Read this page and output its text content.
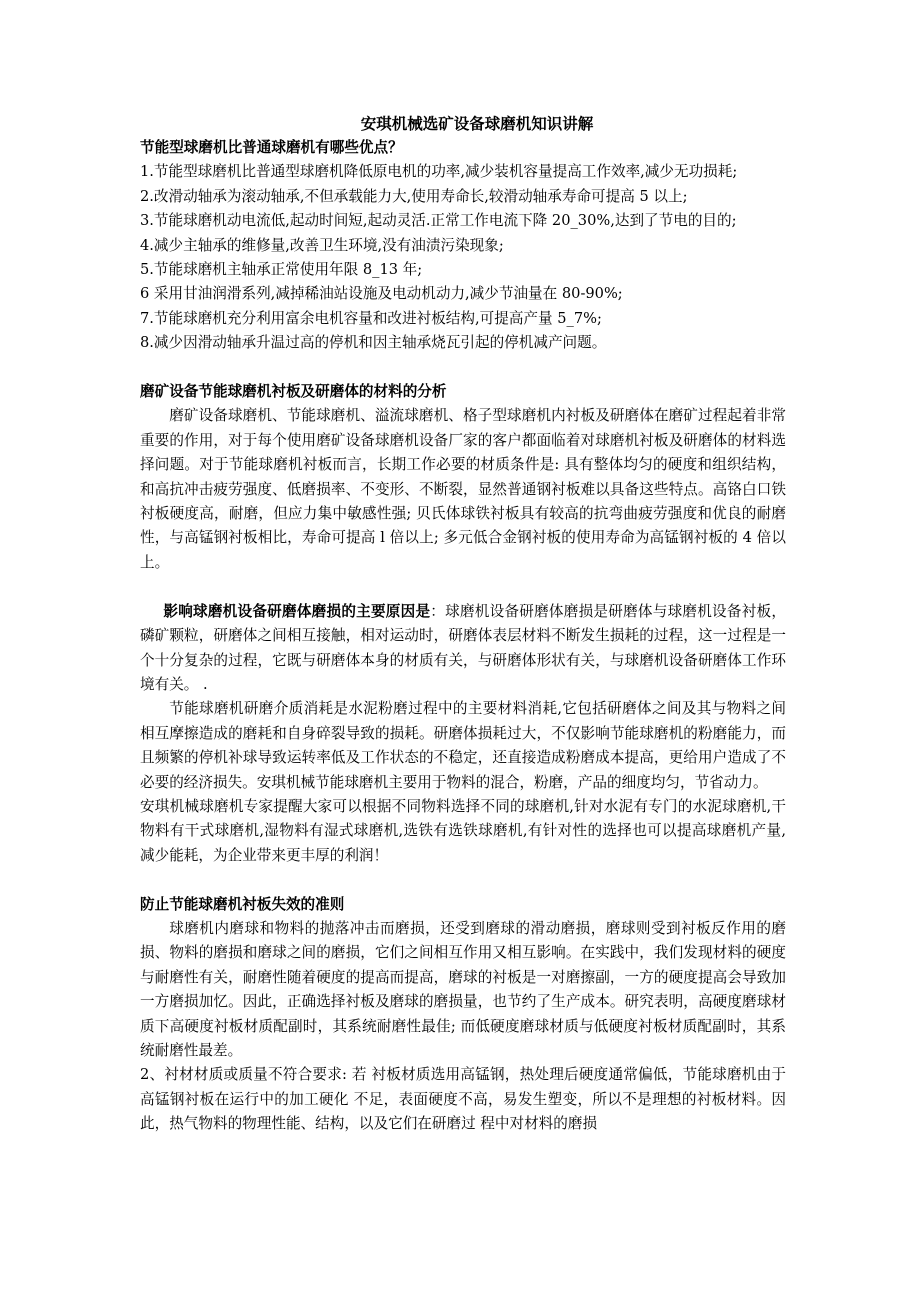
安琪机械选矿设备球磨机知识讲解

节能型球磨机比普通球磨机有哪些优点？

1.节能型球磨机比普通型球磨机降低原电机的功率,减少装机容量提高工作效率,减少无功损耗;

2.改滑动轴承为滚动轴承,不但承载能力大,使用寿命长,较滑动轴承寿命可提高 5 以上;

3.节能球磨机动电流低,起动时间短,起动灵活.正常工作电流下降 20_30%,达到了节电的目的;

4.减少主轴承的维修量,改善卫生环境,没有油渍污染现象;

5.节能球磨机主轴承正常使用年限 8_13 年;

6 采用甘油润滑系列,减掉稀油站设施及电动机动力,减少节油量在 80-90%;

7.节能球磨机充分利用富余电机容量和改进衬板结构,可提高产量 5_7%;

8.减少因滑动轴承升温过高的停机和因主轴承烧瓦引起的停机减产问题。

磨矿设备节能球磨机衬板及研磨体的材料的分析

磨矿设备球磨机、节能球磨机、溢流球磨机、格子型球磨机内衬板及研磨体在磨矿过程起着非常重要的作用，对于每个使用磨矿设备球磨机设备厂家的客户都面临着对球磨机衬板及研磨体的材料选择问题。对于节能球磨机衬板而言，长期工作必要的材质条件是: 具有整体均匀的硬度和组织结构，和高抗冲击疲劳强度、低磨损率、不变形、不断裂，显然普通钢衬板难以具备这些特点。高铬白口铁衬板硬度高，耐磨，但应力集中敏感性强; 贝氏体球铁衬板具有较高的抗弯曲疲劳强度和优良的耐磨性，与高锰钢衬板相比，寿命可提高 l 倍以上; 多元低合金钢衬板的使用寿命为高锰钢衬板的 4 倍以上。

影响球磨机设备研磨体磨损的主要原因是：球磨机设备研磨体磨损是研磨体与球磨机设备衬板，磷矿颗粒，研磨体之间相互接触，相对运动时，研磨体表层材料不断发生损耗的过程，这一过程是一个十分复杂的过程，它既与研磨体本身的材质有关，与研磨体形状有关，与球磨机设备研磨体工作环境有关。 .

节能球磨机研磨介质消耗是水泥粉磨过程中的主要材料消耗,它包括研磨体之间及其与物料之间相互摩擦造成的磨耗和自身碎裂导致的损耗。研磨体损耗过大，不仅影响节能球磨机的粉磨能力，而且频繁的停机补球导致运转率低及工作状态的不稳定，还直接造成粉磨成本提高，更给用户造成了不必要的经济损失。安琪机械节能球磨机主要用于物料的混合，粉磨，产品的细度均匀，节省动力。

安琪机械球磨机专家提醒大家可以根据不同物料选择不同的球磨机,针对水泥有专门的水泥球磨机,干物料有干式球磨机,湿物料有湿式球磨机,选铁有选铁球磨机,有针对性的选择也可以提高球磨机产量,减少能耗，为企业带来更丰厚的利润！

防止节能球磨机衬板失效的准则

球磨机内磨球和物料的抛落冲击而磨损，还受到磨球的滑动磨损，磨球则受到衬板反作用的磨损、物料的磨损和磨球之间的磨损，它们之间相互作用又相互影响。在实践中，我们发现材料的硬度与耐磨性有关，耐磨性随着硬度的提高而提高，磨球的衬板是一对磨擦副，一方的硬度提高会导致加一方磨损加忆。因此，正确选择衬板及磨球的磨损量，也节约了生产成本。研究表明，高硬度磨球材质下高硬度衬板材质配副时，其系统耐磨性最佳; 而低硬度磨球材质与低硬度衬板材质配副时，其系统耐磨性最差。

2、衬材材质或质量不符合要求: 若 衬板材质选用高锰钢，热处理后硬度通常偏低，节能球磨机由于高锰钢衬板在运行中的加工硬化 不足，表面硬度不高，易发生塑变，所以不是理想的衬板材料。因此，热气物料的物理性能、结构，以及它们在研磨过 程中对材料的磨损
